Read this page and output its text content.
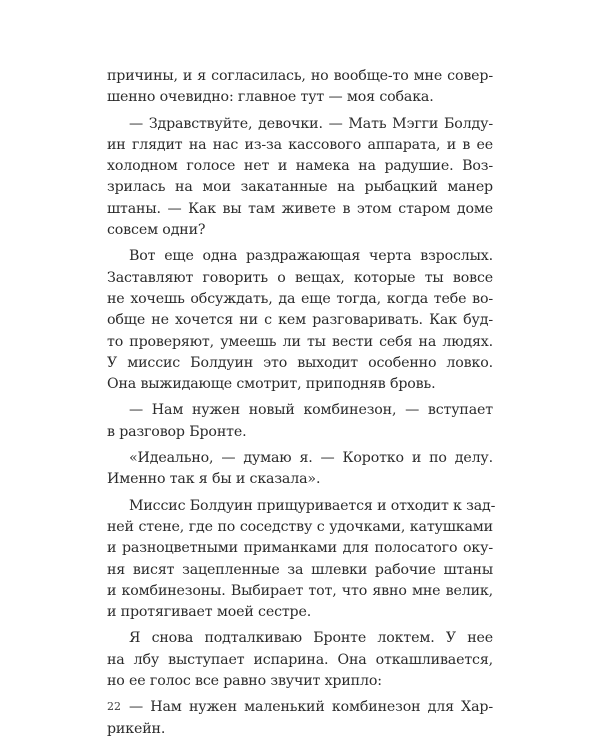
причины, и я согласилась, но вообще-то мне совер-
шенно очевидно: главное тут — моя собака.
— Здравствуйте, девочки. — Мать Мэгги Болду-
ин глядит на нас из-за кассового аппарата, и в ее
холодном голосе нет и намека на радушие. Воз-
зрилась на мои закатанные на рыбацкий манер
штаны. — Как вы там живете в этом старом доме
совсем одни?
Вот еще одна раздражающая черта взрослых.
Заставляют говорить о вещах, которые ты вовсе
не хочешь обсуждать, да еще тогда, когда тебе во-
обще не хочется ни с кем разговаривать. Как буд-
то проверяют, умеешь ли ты вести себя на людях.
У миссис Болдуин это выходит особенно ловко.
Она выжидающе смотрит, приподняв бровь.
— Нам нужен новый комбинезон, — вступает
в разговор Бронте.
«Идеально, — думаю я. — Коротко и по делу.
Именно так я бы и сказала».
Миссис Болдуин прищуривается и отходит к зад-
ней стене, где по соседству с удочками, катушками
и разноцветными приманками для полосатого оку-
ня висят зацепленные за шлевки рабочие штаны
и комбинезоны. Выбирает тот, что явно мне велик,
и протягивает моей сестре.
Я снова подталкиваю Бронте локтем. У нее
на лбу выступает испарина. Она откашливается,
но ее голос все равно звучит хрипло:
— Нам нужен маленький комбинезон для Хар-
рикейн.
22
